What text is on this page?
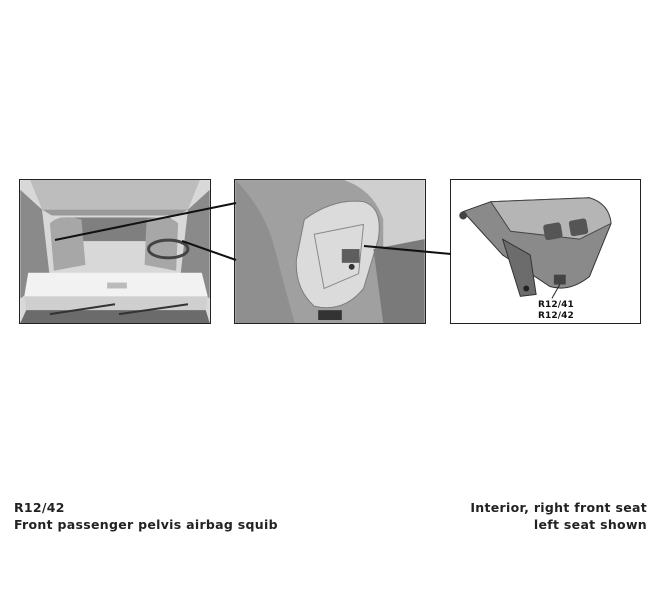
R12/41
R12/42
R12/42
Front passenger pelvis airbag squib
Interior, right front seat
left seat shown
